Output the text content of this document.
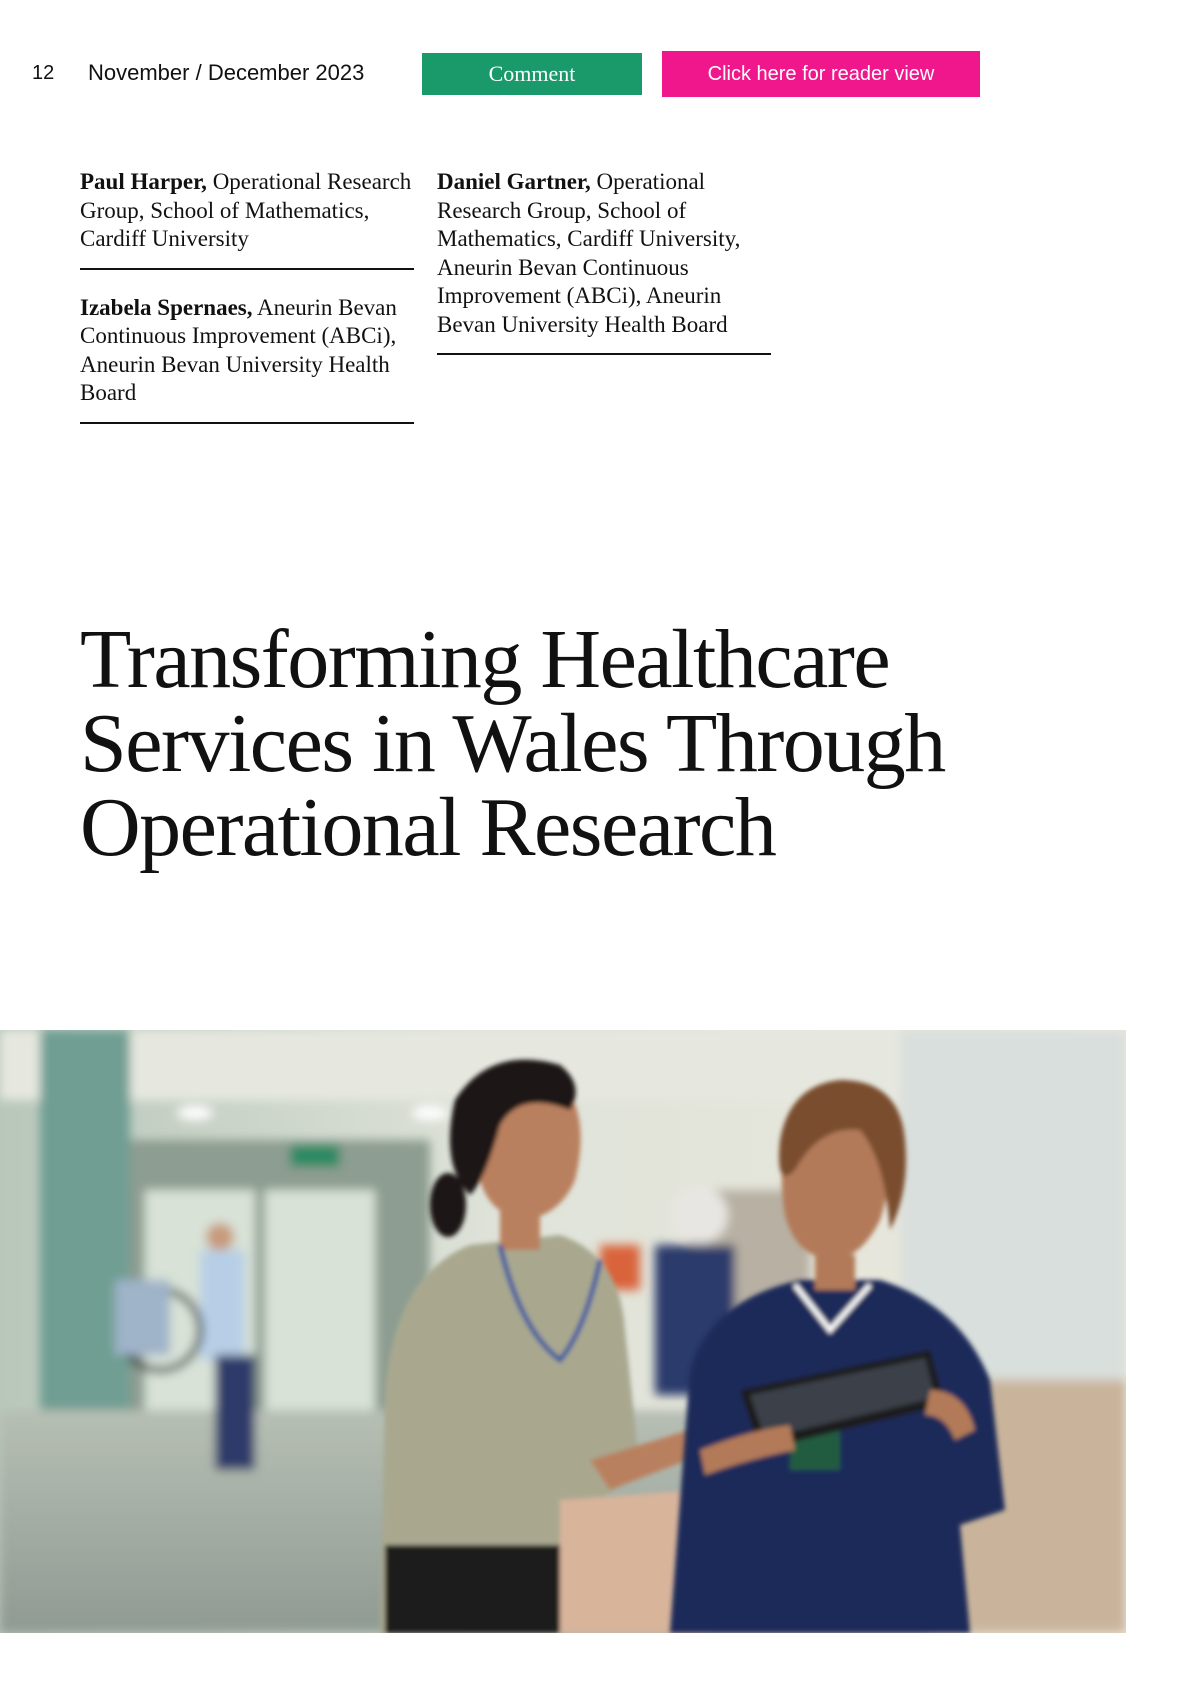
12 November / December 2023	Comment	Click here for reader view
Paul Harper, Operational Research Group, School of Mathematics, Cardiff University
Izabela Spernaes, Aneurin Bevan Continuous Improvement (ABCi), Aneurin Bevan University Health Board
Daniel Gartner, Operational Research Group, School of Mathematics, Cardiff University, Aneurin Bevan Continuous Improvement (ABCi), Aneurin Bevan University Health Board
Transforming Healthcare Services in Wales Through Operational Research
